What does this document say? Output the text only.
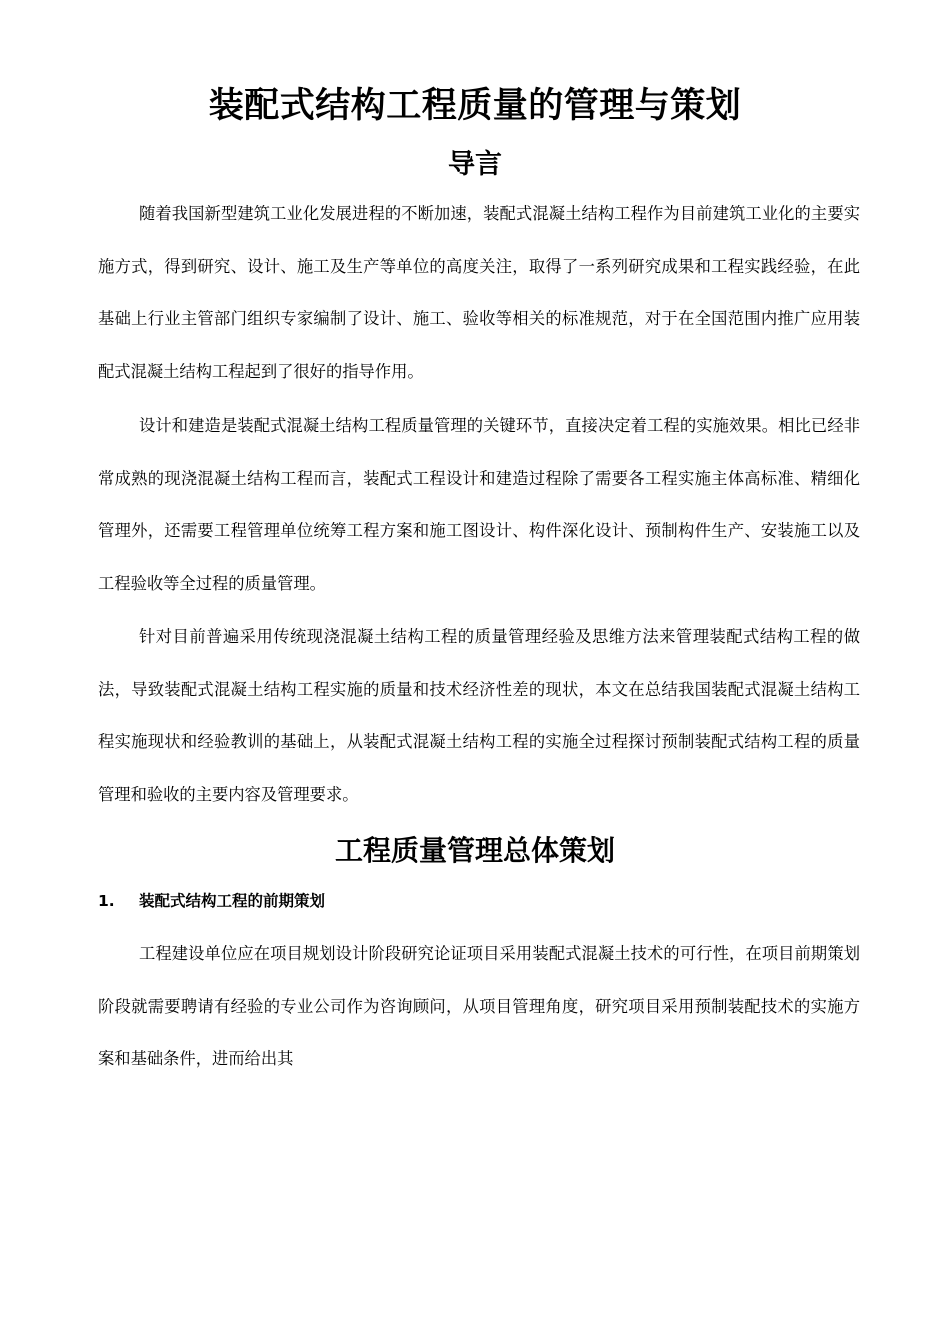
装配式结构工程质量的管理与策划
导言

随着我国新型建筑工业化发展进程的不断加速，装配式混凝土结构工程作为目前建筑工业化的主要实施方式，得到研究、设计、施工及生产等单位的高度关注，取得了一系列研究成果和工程实践经验，在此基础上行业主管部门组织专家编制了设计、施工、验收等相关的标准规范，对于在全国范围内推广应用装配式混凝土结构工程起到了很好的指导作用。

设计和建造是装配式混凝土结构工程质量管理的关键环节，直接决定着工程的实施效果。相比已经非常成熟的现浇混凝土结构工程而言，装配式工程设计和建造过程除了需要各工程实施主体高标准、精细化管理外，还需要工程管理单位统筹工程方案和施工图设计、构件深化设计、预制构件生产、安装施工以及工程验收等全过程的质量管理。

针对目前普遍采用传统现浇混凝土结构工程的质量管理经验及思维方法来管理装配式结构工程的做法，导致装配式混凝土结构工程实施的质量和技术经济性差的现状，本文在总结我国装配式混凝土结构工程实施现状和经验教训的基础上，从装配式混凝土结构工程的实施全过程探讨预制装配式结构工程的质量管理和验收的主要内容及管理要求。

工程质量管理总体策划
1. 装配式结构工程的前期策划

工程建设单位应在项目规划设计阶段研究论证项目采用装配式混凝土技术的可行性，在项目前期策划阶段就需要聘请有经验的专业公司作为咨询顾问，从项目管理角度，研究项目采用预制装配技术的实施方案和基础条件，进而给出其
